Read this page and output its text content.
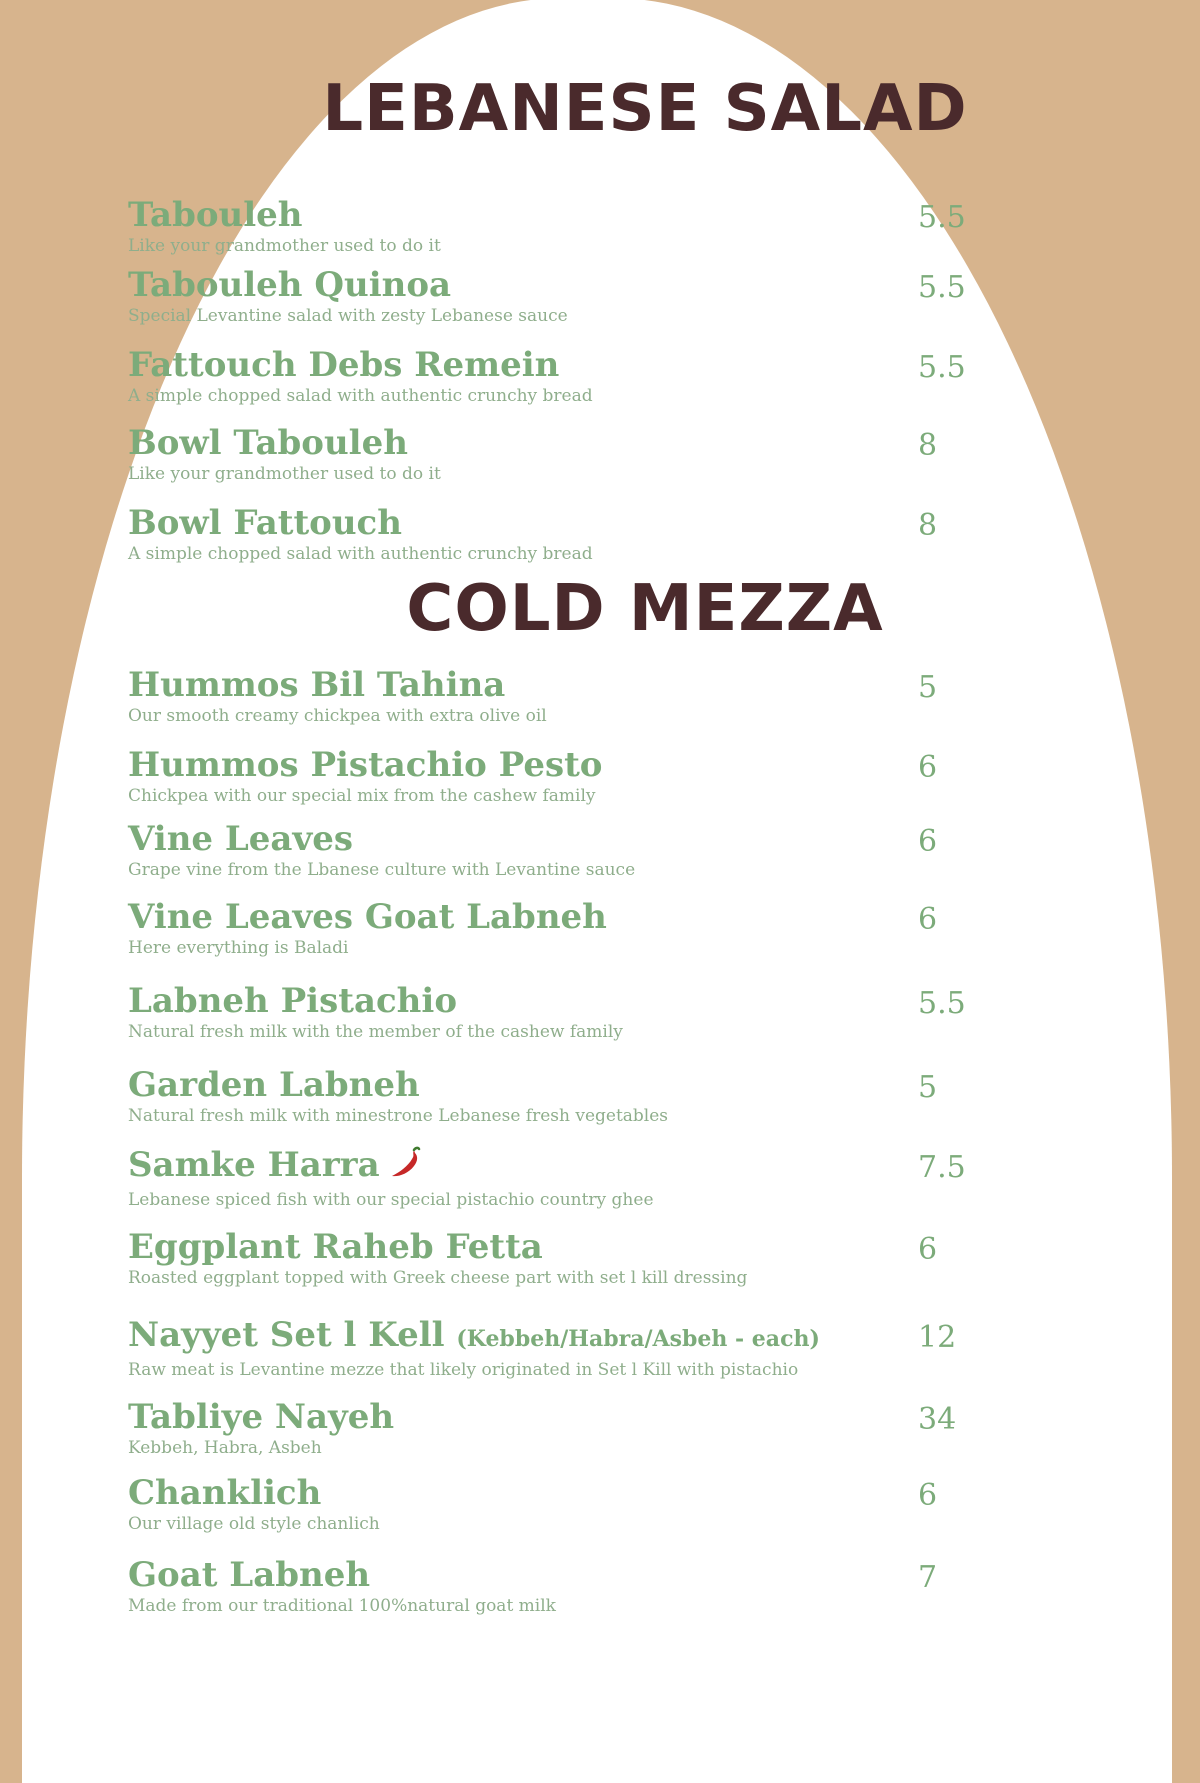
LEBANESE SALAD
Tabouleh
Like your grandmother used to do it
5.5
Tabouleh Quinoa
Special Levantine salad with zesty Lebanese sauce
5.5
Fattouch Debs Remein
A simple chopped salad with authentic crunchy bread
5.5
Bowl Tabouleh
Like your grandmother used to do it
8
Bowl Fattouch
A simple chopped salad with authentic crunchy bread
8
COLD MEZZA
Hummos Bil Tahina
Our smooth creamy chickpea with extra olive oil
5
Hummos Pistachio Pesto
Chickpea with our special mix from the cashew family
6
Vine Leaves
Grape vine from the Lbanese culture with Levantine sauce
6
Vine Leaves Goat Labneh
Here everything is Baladi
6
Labneh Pistachio
Natural fresh milk with the member of the cashew family
5.5
Garden Labneh
Natural fresh milk with minestrone Lebanese fresh vegetables
5
Samke Harra
Lebanese spiced fish with our special pistachio country ghee
7.5
Eggplant Raheb Fetta
Roasted eggplant topped with Greek cheese part with set l kill dressing
6
Nayyet Set l Kell (Kebbeh/Habra/Asbeh - each)
Raw meat is Levantine mezze that likely originated in Set l Kill with pistachio
12
Tabliye Nayeh
Kebbeh, Habra, Asbeh
34
Chanklich
Our village old style chanlich
6
Goat Labneh
Made from our traditional 100%natural goat milk
7
